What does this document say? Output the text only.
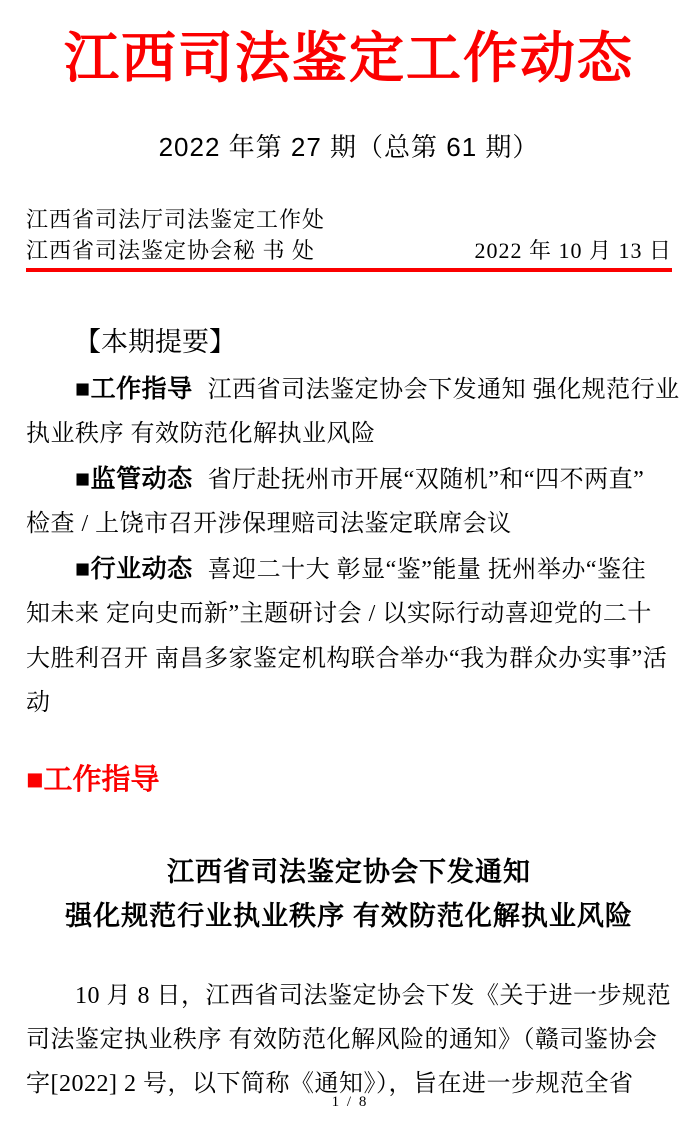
江西司法鉴定工作动态
2022 年第 27 期（总第 61 期）
江西省司法厅司法鉴定工作处
江西省司法鉴定协会秘 书 处	2022 年 10 月 13 日
【本期提要】
■工作指导 江西省司法鉴定协会下发通知 强化规范行业
执业秩序 有效防范化解执业风险
■监管动态 省厅赴抚州市开展“双随机”和“四不两直”
检查 / 上饶市召开涉保理赔司法鉴定联席会议
■行业动态 喜迎二十大 彰显“鉴”能量 抚州举办“鉴往
知未来 定向史而新”主题研讨会 / 以实际行动喜迎党的二十
大胜利召开 南昌多家鉴定机构联合举办“我为群众办实事”活
动
■工作指导
江西省司法鉴定协会下发通知
强化规范行业执业秩序 有效防范化解执业风险
10 月 8 日，江西省司法鉴定协会下发《关于进一步规范
司法鉴定执业秩序 有效防范化解风险的通知》（赣司鉴协会
字[2022] 2 号，以下简称《通知》），旨在进一步规范全省
1 / 8
